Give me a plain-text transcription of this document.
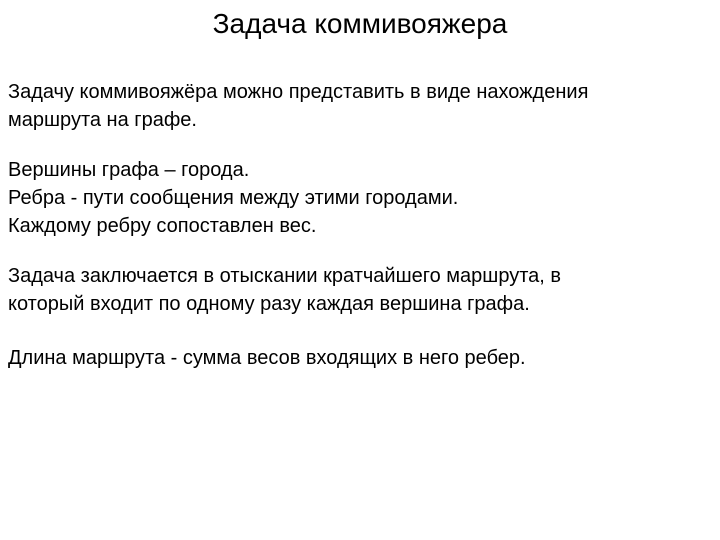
Задача коммивояжера

Задачу коммивояжёра можно представить в виде нахождения
маршрута на графе.

Вершины графа – города.
Ребра - пути сообщения между этими городами.
Каждому ребру сопоставлен вес.

Задача заключается в отыскании кратчайшего маршрута, в
который входит по одному разу каждая вершина графа.

Длина маршрута - сумма весов входящих в него ребер.
